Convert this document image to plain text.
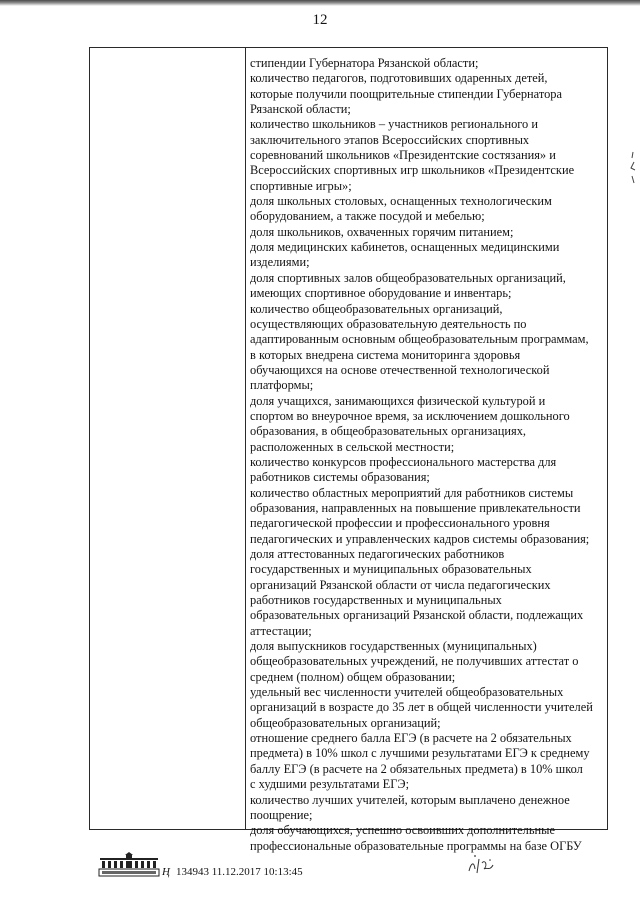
12
стипендии Губернатора Рязанской области;
количество педагогов, подготовивших одаренных детей,
которые получили поощрительные стипендии Губернатора
Рязанской области;
количество школьников – участников регионального и
заключительного этапов Всероссийских спортивных
соревнований школьников «Президентские состязания» и
Всероссийских спортивных игр школьников «Президентские
спортивные игры»;
доля школьных столовых, оснащенных технологическим
оборудованием, а также посудой и мебелью;
доля школьников, охваченных горячим питанием;
доля медицинских кабинетов, оснащенных медицинскими
изделиями;
доля спортивных залов общеобразовательных организаций,
имеющих спортивное оборудование и инвентарь;
количество общеобразовательных организаций,
осуществляющих образовательную деятельность по
адаптированным основным общеобразовательным программам,
в которых внедрена система мониторинга здоровья
обучающихся на основе отечественной технологической
платформы;
доля учащихся, занимающихся физической культурой и
спортом во внеурочное время, за исключением дошкольного
образования, в общеобразовательных организациях,
расположенных в сельской местности;
количество конкурсов профессионального мастерства для
работников системы образования;
количество областных мероприятий для работников системы
образования, направленных на повышение привлекательности
педагогической профессии и профессионального уровня
педагогических и управленческих кадров системы образования;
доля аттестованных педагогических работников
государственных и муниципальных образовательных
организаций Рязанской области от числа педагогических
работников государственных и муниципальных
образовательных организаций Рязанской области, подлежащих
аттестации;
доля выпускников государственных (муниципальных)
общеобразовательных учреждений, не получивших аттестат о
среднем (полном) общем образовании;
удельный вес численности учителей общеобразовательных
организаций в возрасте до 35 лет в общей численности учителей
общеобразовательных организаций;
отношение среднего балла ЕГЭ (в расчете на 2 обязательных
предмета) в 10% школ с лучшими результатами ЕГЭ к среднему
баллу ЕГЭ (в расчете на 2 обязательных предмета) в 10% школ
с худшими результатами ЕГЭ;
количество лучших учителей, которым выплачено денежное
поощрение;
доля обучающихся, успешно освоивших дополнительные
профессиональные образовательные программы на базе ОГБУ
Ң 134943 11.12.2017 10:13:45
